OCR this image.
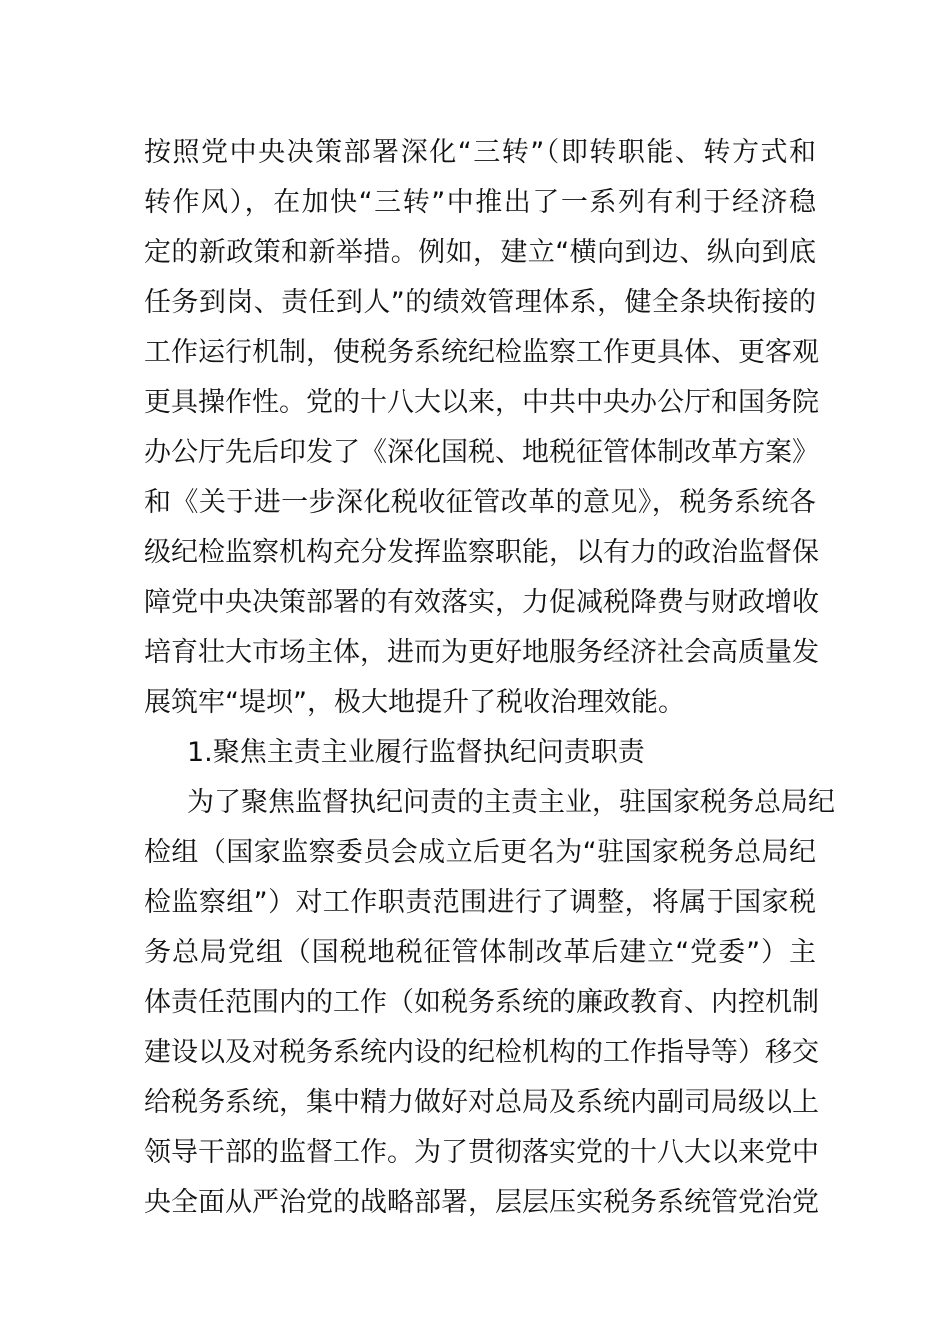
按照党中央决策部署深化“三转”（即转职能、转方式和
转作风），在加快“三转”中推出了一系列有利于经济稳
定的新政策和新举措。例如，建立“横向到边、纵向到底
任务到岗、责任到人”的绩效管理体系，健全条块衔接的
工作运行机制，使税务系统纪检监察工作更具体、更客观
更具操作性。党的十八大以来，中共中央办公厅和国务院
办公厅先后印发了《深化国税、地税征管体制改革方案》
和《关于进一步深化税收征管改革的意见》，税务系统各
级纪检监察机构充分发挥监察职能，以有力的政治监督保
障党中央决策部署的有效落实，力促减税降费与财政增收
培育壮大市场主体，进而为更好地服务经济社会高质量发
展筑牢“堤坝”，极大地提升了税收治理效能。
1.聚焦主责主业履行监督执纪问责职责
为了聚焦监督执纪问责的主责主业，驻国家税务总局纪
检组（国家监察委员会成立后更名为“驻国家税务总局纪
检监察组”）对工作职责范围进行了调整，将属于国家税
务总局党组（国税地税征管体制改革后建立“党委”）主
体责任范围内的工作（如税务系统的廉政教育、内控机制
建设以及对税务系统内设的纪检机构的工作指导等）移交
给税务系统，集中精力做好对总局及系统内副司局级以上
领导干部的监督工作。为了贯彻落实党的十八大以来党中
央全面从严治党的战略部署，层层压实税务系统管党治党
